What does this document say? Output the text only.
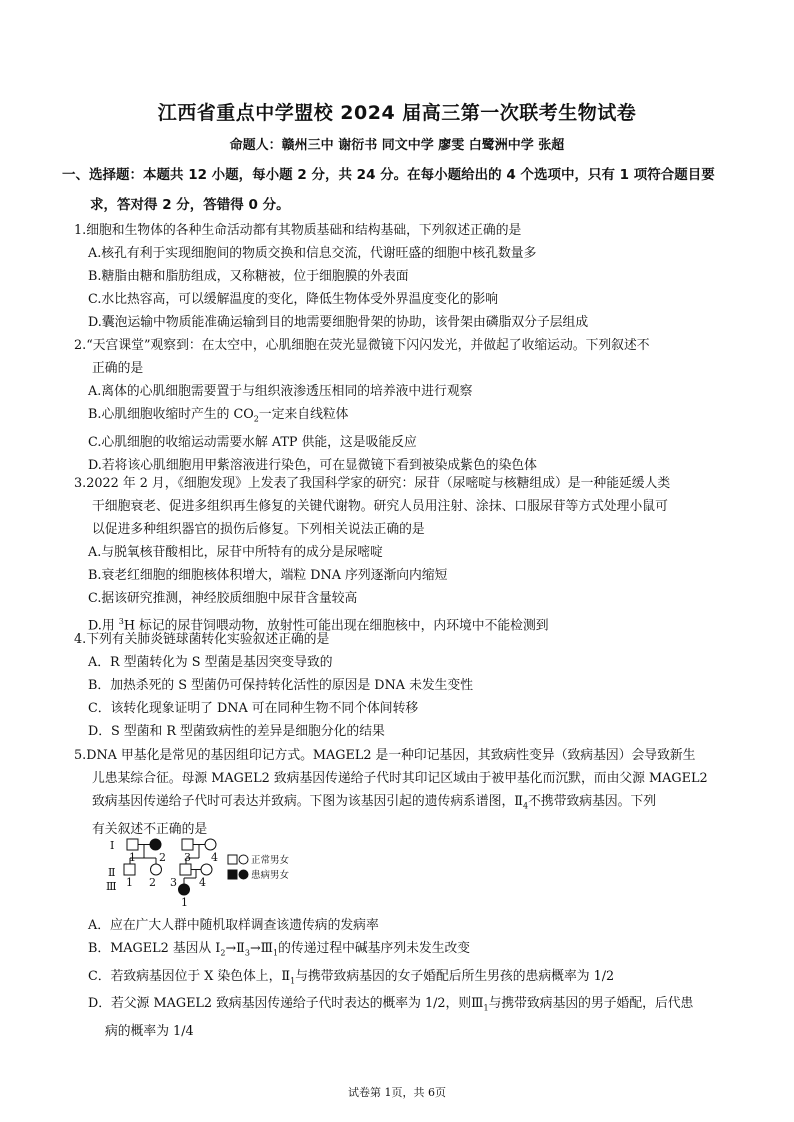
江西省重点中学盟校 2024 届高三第一次联考生物试卷
命题人：赣州三中 谢衍书 同文中学 廖雯 白鹭洲中学 张超
一、选择题：本题共 12 小题，每小题 2 分，共 24 分。在每小题给出的 4 个选项中，只有 1 项符合题目要
求，答对得 2 分，答错得 0 分。
1.细胞和生物体的各种生命活动都有其物质基础和结构基础，下列叙述正确的是
A.核孔有利于实现细胞间的物质交换和信息交流，代谢旺盛的细胞中核孔数量多
B.糖脂由糖和脂肪组成，又称糖被，位于细胞膜的外表面
C.水比热容高，可以缓解温度的变化，降低生物体受外界温度变化的影响
D.囊泡运输中物质能准确运输到目的地需要细胞骨架的协助，该骨架由磷脂双分子层组成
2.“天宫课堂”观察到：在太空中，心肌细胞在荧光显微镜下闪闪发光，并做起了收缩运动。下列叙述不
正确的是
A.离体的心肌细胞需要置于与组织液渗透压相同的培养液中进行观察
B.心肌细胞收缩时产生的 $CO_2$一定来自线粒体
C.心肌细胞的收缩运动需要水解 ATP 供能，这是吸能反应
D.若将该心肌细胞用甲紫溶液进行染色，可在显微镜下看到被染成紫色的染色体
3.2022 年 2 月，《细胞发现》上发表了我国科学家的研究：尿苷（尿嘧啶与核糖组成）是一种能延缓人类
干细胞衰老、促进多组织再生修复的关键代谢物。研究人员用注射、涂抹、口服尿苷等方式处理小鼠可
以促进多种组织器官的损伤后修复。下列相关说法正确的是
A.与脱氧核苷酸相比，尿苷中所特有的成分是尿嘧啶
B.衰老红细胞的细胞核体积增大，端粒 DNA 序列逐渐向内缩短
C.据该研究推测，神经胶质细胞中尿苷含量较高
D.用 $^3$H 标记的尿苷饲喂动物，放射性可能出现在细胞核中，内环境中不能检测到
4.下列有关肺炎链球菌转化实验叙述正确的是
A．R 型菌转化为 S 型菌是基因突变导致的
B．加热杀死的 S 型菌仍可保持转化活性的原因是 DNA 未发生变性
C．该转化现象证明了 DNA 可在同种生物不同个体间转移
D．S 型菌和 R 型菌致病性的差异是细胞分化的结果
5.DNA 甲基化是常见的基因组印记方式。MAGEL2 是一种印记基因，其致病性变异（致病基因）会导致新生
儿患某综合征。母源 MAGEL2 致病基因传递给子代时其印记区域由于被甲基化而沉默，而由父源 MAGEL2
致病基因传递给子代时可表达并致病。下图为该基因引起的遗传病系谱图，$Ⅱ_4$不携带致病基因。下列
有关叙述不正确的是
I
Ⅱ
Ⅲ
1 2 3 4
1 2 3 4
1
正常男女
患病男女
A．应在广大人群中随机取样调查该遗传病的发病率
B．MAGEL2 基因从 $I_2\to Ⅱ_3\to Ⅲ_1$的传递过程中碱基序列未发生改变
C．若致病基因位于 X 染色体上，$Ⅱ_1$与携带致病基因的女子婚配后所生男孩的患病概率为 1/2
D．若父源 MAGEL2 致病基因传递给子代时表达的概率为 1/2，则$Ⅲ_1$与携带致病基因的男子婚配，后代患
病的概率为 1/4
试卷第 1页，共 6页
